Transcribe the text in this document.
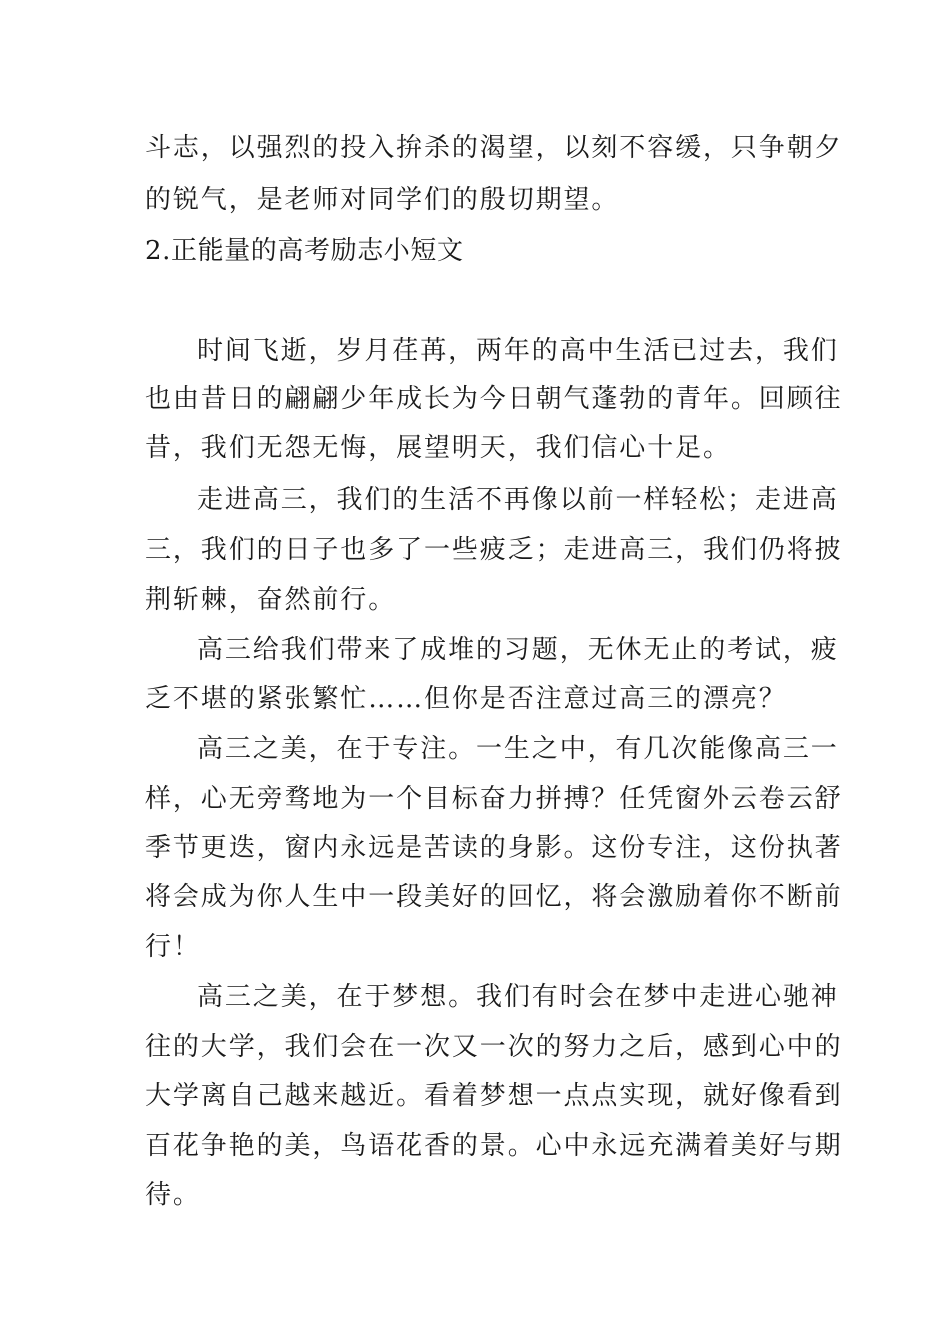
斗志，以强烈的投入拚杀的渴望，以刻不容缓，只争朝夕
的锐气，是老师对同学们的殷切期望。
2.正能量的高考励志小短文
时间飞逝，岁月荏苒，两年的高中生活已过去，我们
也由昔日的翩翩少年成长为今日朝气蓬勃的青年。回顾往
昔，我们无怨无悔，展望明天，我们信心十足。
走进高三，我们的生活不再像以前一样轻松；走进高
三，我们的日子也多了一些疲乏；走进高三，我们仍将披
荆斩棘，奋然前行。
高三给我们带来了成堆的习题，无休无止的考试，疲
乏不堪的紧张繁忙……但你是否注意过高三的漂亮？
高三之美，在于专注。一生之中，有几次能像高三一
样，心无旁骛地为一个目标奋力拼搏？任凭窗外云卷云舒
季节更迭，窗内永远是苦读的身影。这份专注，这份执著
将会成为你人生中一段美好的回忆，将会激励着你不断前
行！
高三之美，在于梦想。我们有时会在梦中走进心驰神
往的大学，我们会在一次又一次的努力之后，感到心中的
大学离自己越来越近。看着梦想一点点实现，就好像看到
百花争艳的美，鸟语花香的景。心中永远充满着美好与期
待。
